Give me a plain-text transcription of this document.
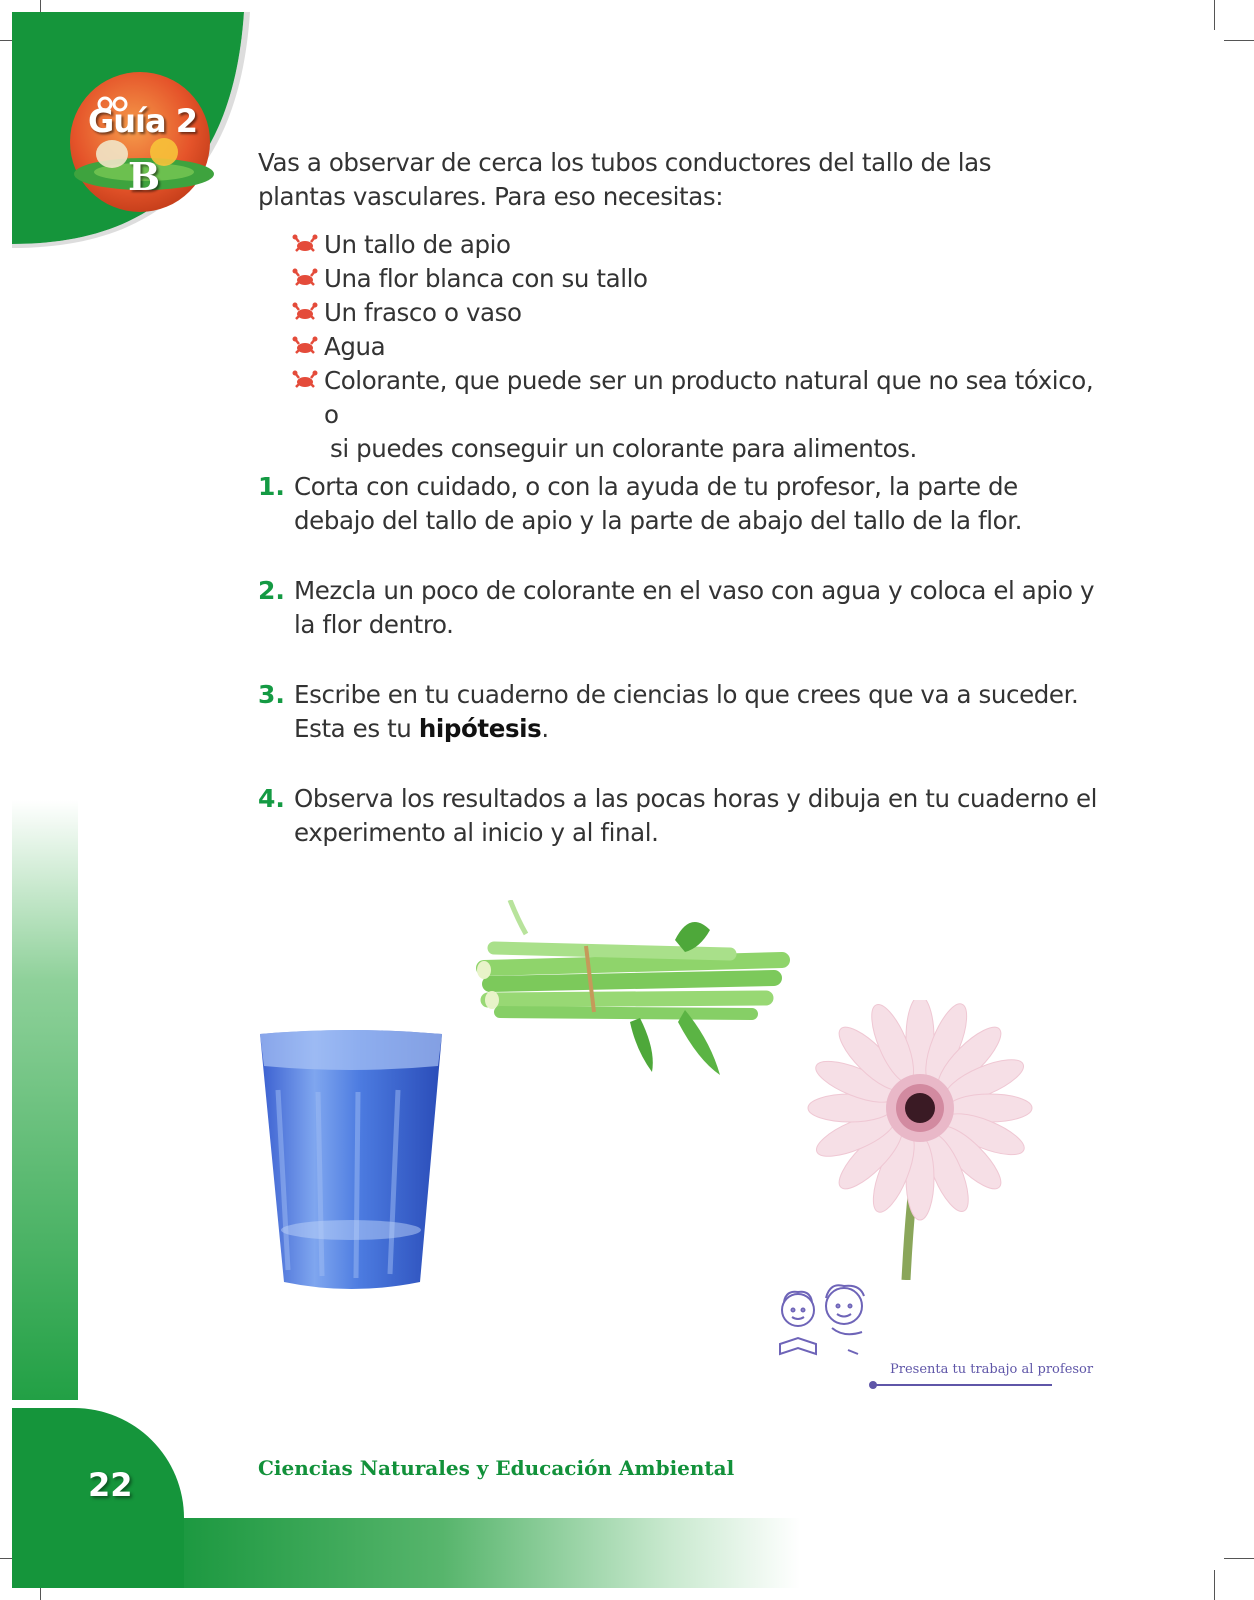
Guía 2
B	Vas a observar de cerca los tubos conductores del tallo de las plantas vasculares. Para eso necesitas:
Un tallo de apio
Una flor blanca con su tallo
Un frasco o vaso
Agua
Colorante, que puede ser un producto natural que no sea tóxico, o
si puedes conseguir un colorante para alimentos.
1. Corta con cuidado, o con la ayuda de tu profesor, la parte de debajo del tallo de apio y la parte de abajo del tallo de la flor.
2. Mezcla un poco de colorante en el vaso con agua y coloca el apio y la flor dentro.
3. Escribe en tu cuaderno de ciencias lo que crees que va a suceder. Esta es tu hipótesis.
4. Observa los resultados a las pocas horas y dibuja en tu cuaderno el experimento al inicio y al final.
Presenta tu trabajo al profesor
22	Ciencias Naturales y Educación Ambiental
